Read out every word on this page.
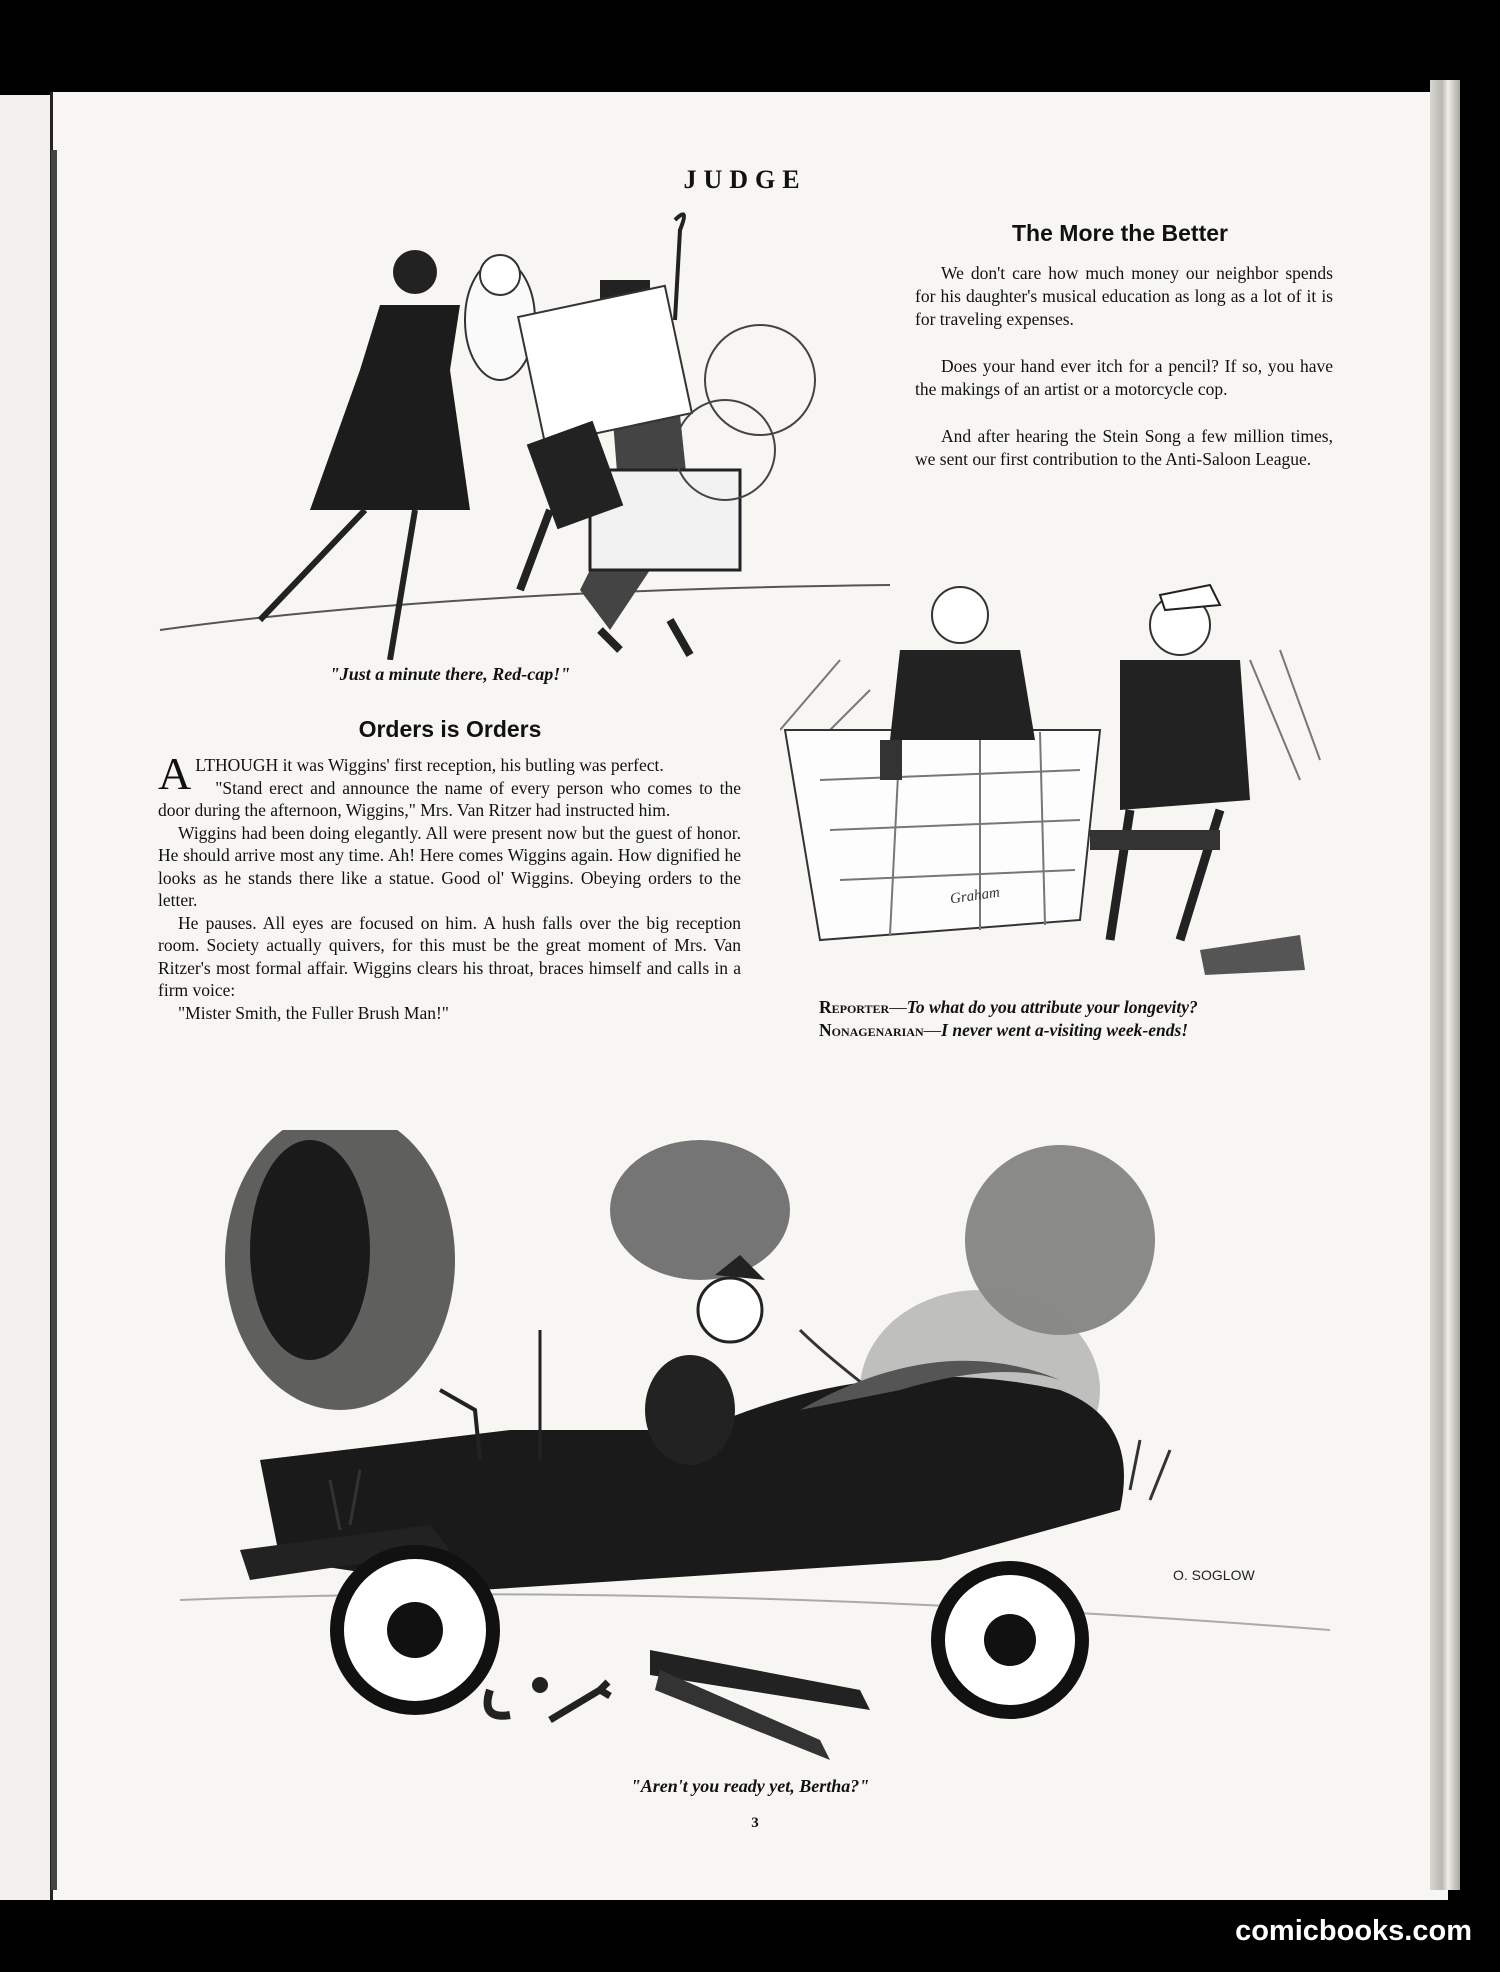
JUDGE
"Just a minute there, Red-cap!"
The More the Better

We don't care how much money our neighbor spends for his daughter's musical education as long as a lot of it is for traveling expenses.

Does your hand ever itch for a pencil? If so, you have the makings of an artist or a motorcycle cop.

And after hearing the Stein Song a few million times, we sent our first contribution to the Anti-Saloon League.

Graham
Reporter—To what do you attribute your longevity?
Nonagenarian—I never went a-visiting week-ends!
Orders is Orders

ALTHOUGH it was Wiggins' first reception, his butling was perfect.

"Stand erect and announce the name of every person who comes to the door during the afternoon, Wiggins," Mrs. Van Ritzer had instructed him.

Wiggins had been doing elegantly. All were present now but the guest of honor. He should arrive most any time. Ah! Here comes Wiggins again. How dignified he looks as he stands there like a statue. Good ol' Wiggins. Obeying orders to the letter.

He pauses. All eyes are focused on him. A hush falls over the big reception room. Society actually quivers, for this must be the great moment of Mrs. Van Ritzer's most formal affair. Wiggins clears his throat, braces himself and calls in a firm voice:

"Mister Smith, the Fuller Brush Man!"

O. SOGLOW
"Aren't you ready yet, Bertha?"
3
comicbooks.com
